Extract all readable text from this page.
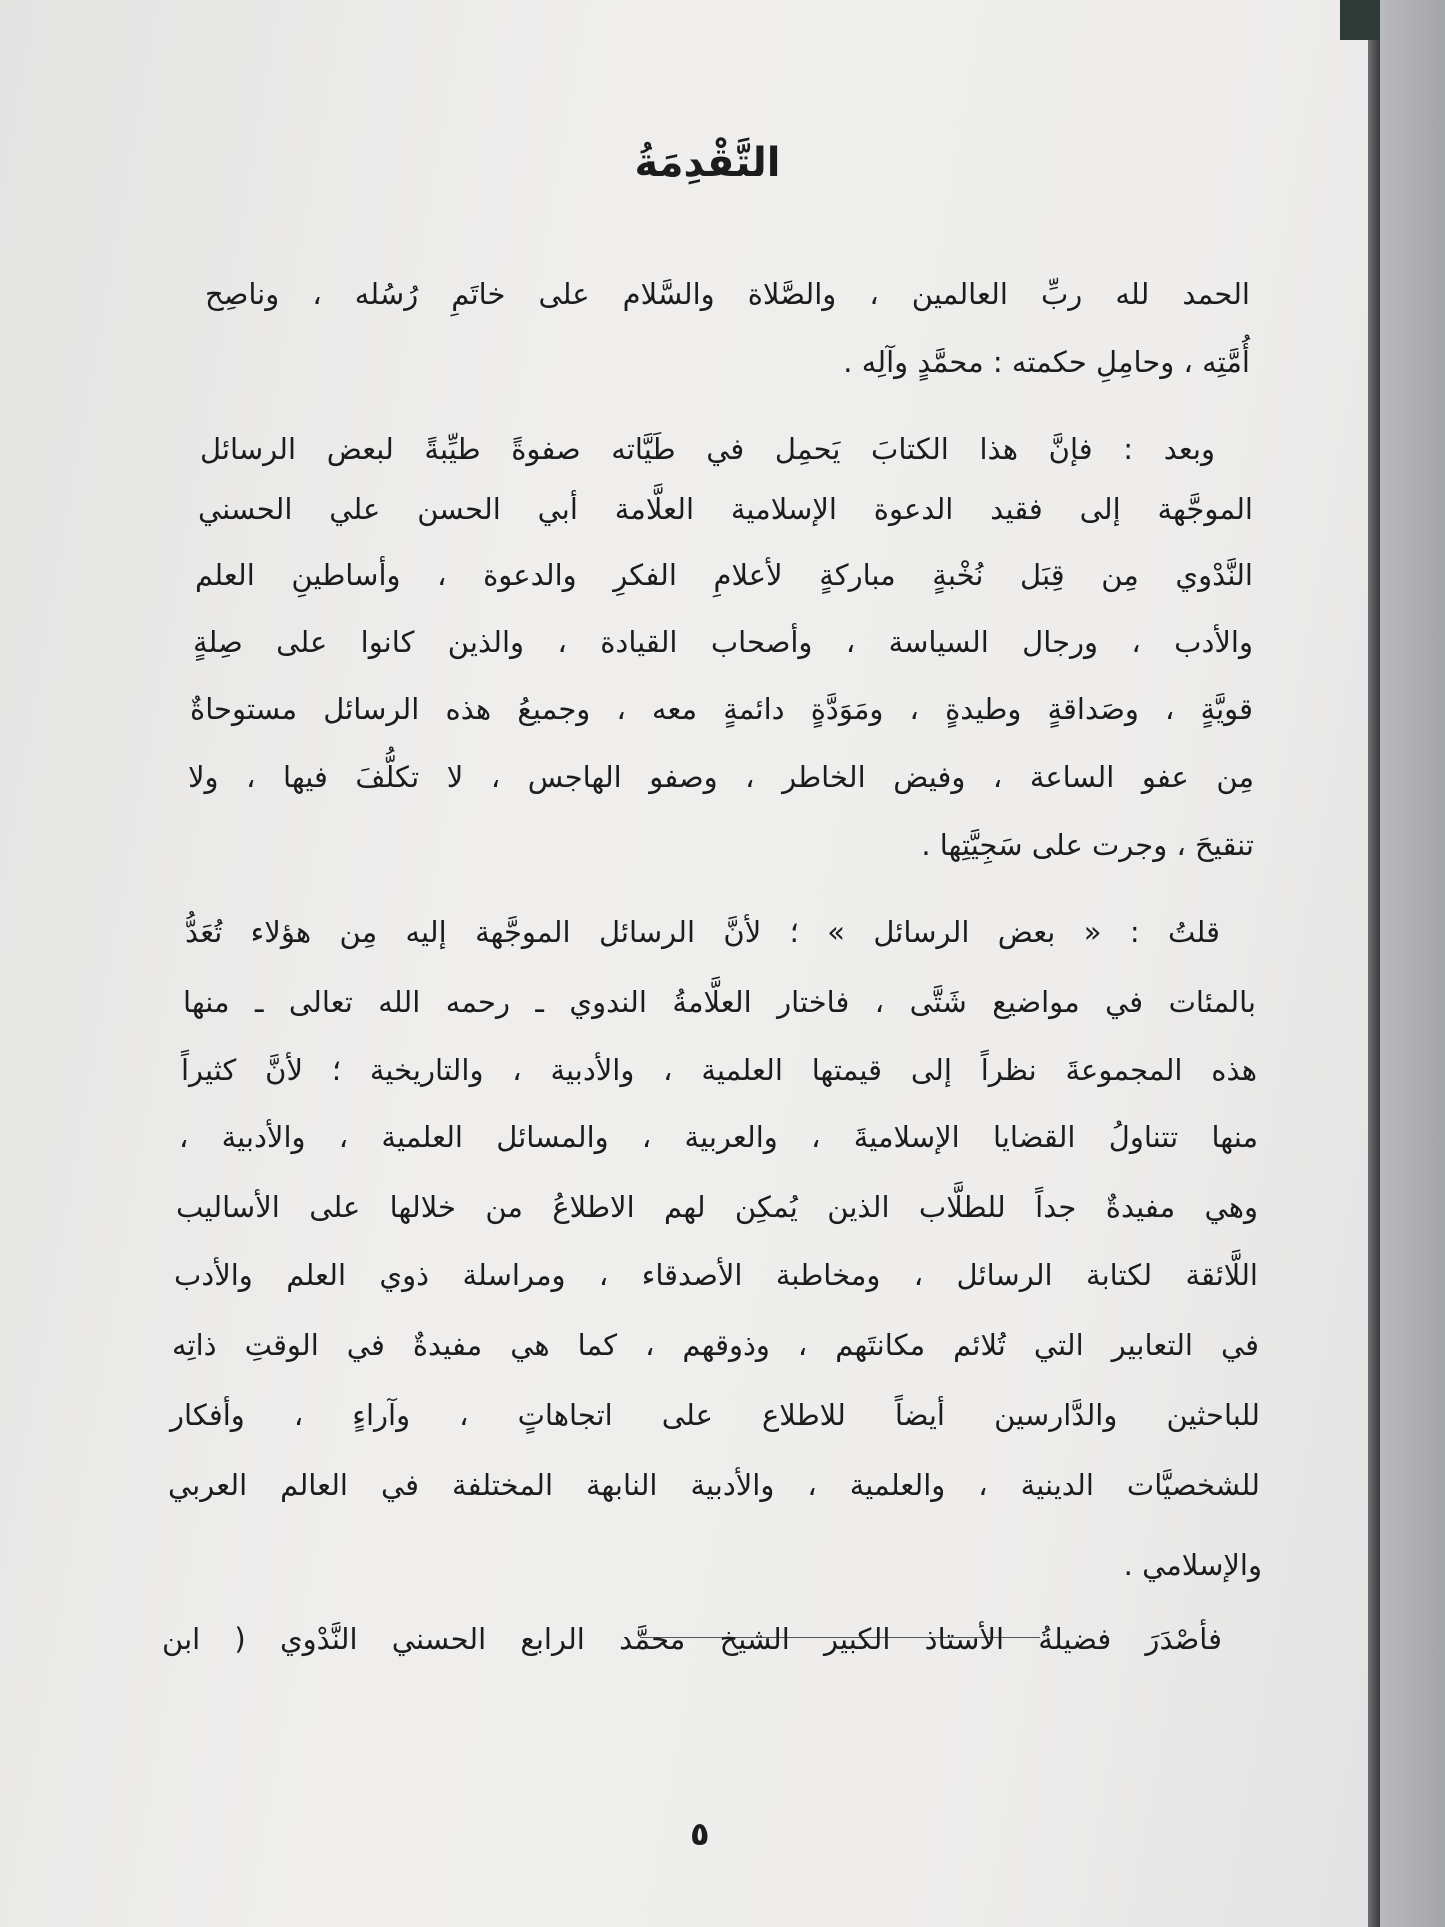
التَّقْدِمَةُ
الحمد لله ربِّ العالمين ، والصَّلاة والسَّلام على خاتَمِ رُسُله ، وناصِح
أُمَّتِه ، وحامِلِ حكمته : محمَّدٍ وآلِه .
وبعد : فإنَّ هذا الكتابَ يَحمِل في طَيَّاته صفوةً طيِّبةً لبعض الرسائل
الموجَّهة إلى فقيد الدعوة الإسلامية العلَّامة أبي الحسن علي الحسني
النَّدْوي مِن قِبَل نُخْبةٍ مباركةٍ لأعلامِ الفكرِ والدعوة ، وأساطينِ العلم
والأدب ، ورجال السياسة ، وأصحاب القيادة ، والذين كانوا على صِلةٍ
قويَّةٍ ، وصَداقةٍ وطيدةٍ ، ومَوَدَّةٍ دائمةٍ معه ، وجميعُ هذه الرسائل مستوحاةٌ
مِن عفو الساعة ، وفيض الخاطر ، وصفو الهاجس ، لا تكلُّفَ فيها ، ولا
تنقيحَ ، وجرت على سَجِيَّتِها .
قلتُ : « بعض الرسائل » ؛ لأنَّ الرسائل الموجَّهة إليه مِن هؤلاء تُعَدُّ
بالمئات في مواضيع شَتَّى ، فاختار العلَّامةُ الندوي ـ رحمه الله تعالى ـ منها
هذه المجموعةَ نظراً إلى قيمتها العلمية ، والأدبية ، والتاريخية ؛ لأنَّ كثيراً
منها تتناولُ القضايا الإسلاميةَ ، والعربية ، والمسائل العلمية ، والأدبية ،
وهي مفيدةٌ جداً للطلَّاب الذين يُمكِن لهم الاطلاعُ من خلالها على الأساليب
اللَّائقة لكتابة الرسائل ، ومخاطبة الأصدقاء ، ومراسلة ذوي العلم والأدب
في التعابير التي تُلائم مكانتَهم ، وذوقهم ، كما هي مفيدةٌ في الوقتِ ذاتِه
للباحثين والدَّارسين أيضاً للاطلاع على اتجاهاتٍ ، وآراءٍ ، وأفكار
للشخصيَّات الدينية ، والعلمية ، والأدبية النابهة المختلفة في العالم العربي
والإسلامي .
فأصْدَرَ فضيلةُ الأستاذ الكبير الشيخ محمَّد الرابع الحسني النَّدْوي ( ابن
٥
